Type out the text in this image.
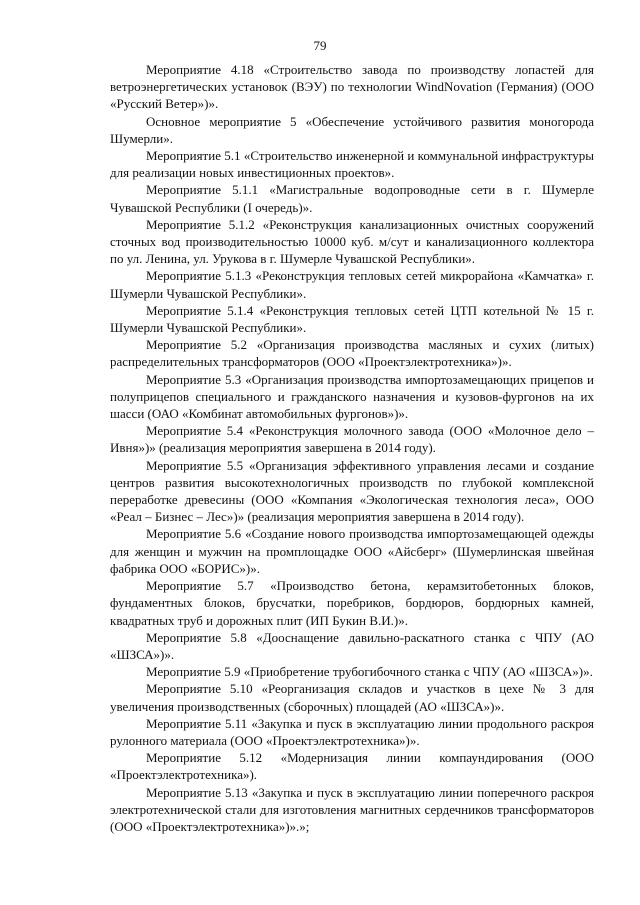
79

Мероприятие 4.18 «Строительство завода по производству лопастей для ветроэнергетических установок (ВЭУ) по технологии WindNovation (Германия) (ООО «Русский Ветер»)».

Основное мероприятие 5 «Обеспечение устойчивого развития моногорода Шумерли».

Мероприятие 5.1 «Строительство инженерной и коммунальной инфраструктуры для реализации новых инвестиционных проектов».

Мероприятие 5.1.1 «Магистральные водопроводные сети в г. Шумерле Чувашской Республики (I очередь)».

Мероприятие 5.1.2 «Реконструкция канализационных очистных сооружений сточных вод производительностью 10000 куб. м/сут и канализационного коллектора по ул. Ленина, ул. Урукова в г. Шумерле Чувашской Республики».

Мероприятие 5.1.3 «Реконструкция тепловых сетей микрорайона «Камчатка» г. Шумерли Чувашской Республики».

Мероприятие 5.1.4 «Реконструкция тепловых сетей ЦТП котельной № 15 г. Шумерли Чувашской Республики».

Мероприятие 5.2 «Организация производства масляных и сухих (литых) распределительных трансформаторов (ООО «Проектэлектротехника»)».

Мероприятие 5.3 «Организация производства импортозамещающих прицепов и полуприцепов специального и гражданского назначения и кузовов-фургонов на их шасси (ОАО «Комбинат автомобильных фургонов»)».

Мероприятие 5.4 «Реконструкция молочного завода (ООО «Молочное дело – Ивня»)» (реализация мероприятия завершена в 2014 году).

Мероприятие 5.5 «Организация эффективного управления лесами и создание центров развития высокотехнологичных производств по глубокой комплексной переработке древесины (ООО «Компания «Экологическая технология леса», ООО «Реал – Бизнес – Лес»)» (реализация мероприятия завершена в 2014 году).

Мероприятие 5.6 «Создание нового производства импортозамещающей одежды для женщин и мужчин на промплощадке ООО «Айсберг» (Шумерлинская швейная фабрика ООО «БОРИС»)».

Мероприятие 5.7 «Производство бетона, керамзитобетонных блоков, фундаментных блоков, брусчатки, поребриков, бордюров, бордюрных камней, квадратных труб и дорожных плит (ИП Букин В.И.)».

Мероприятие 5.8 «Дооснащение давильно-раскатного станка с ЧПУ (АО «ШЗСА»)».

Мероприятие 5.9 «Приобретение трубогибочного станка с ЧПУ (АО «ШЗСА»)».

Мероприятие 5.10 «Реорганизация складов и участков в цехе № 3 для увеличения производственных (сборочных) площадей (АО «ШЗСА»)».

Мероприятие 5.11 «Закупка и пуск в эксплуатацию линии продольного раскроя рулонного материала (ООО «Проектэлектротехника»)».

Мероприятие 5.12 «Модернизация линии компаундирования (ООО «Проектэлектротехника»).

Мероприятие 5.13 «Закупка и пуск в эксплуатацию линии поперечного раскроя электротехнической стали для изготовления магнитных сердечников трансформаторов (ООО «Проектэлектротехника»)».»;
